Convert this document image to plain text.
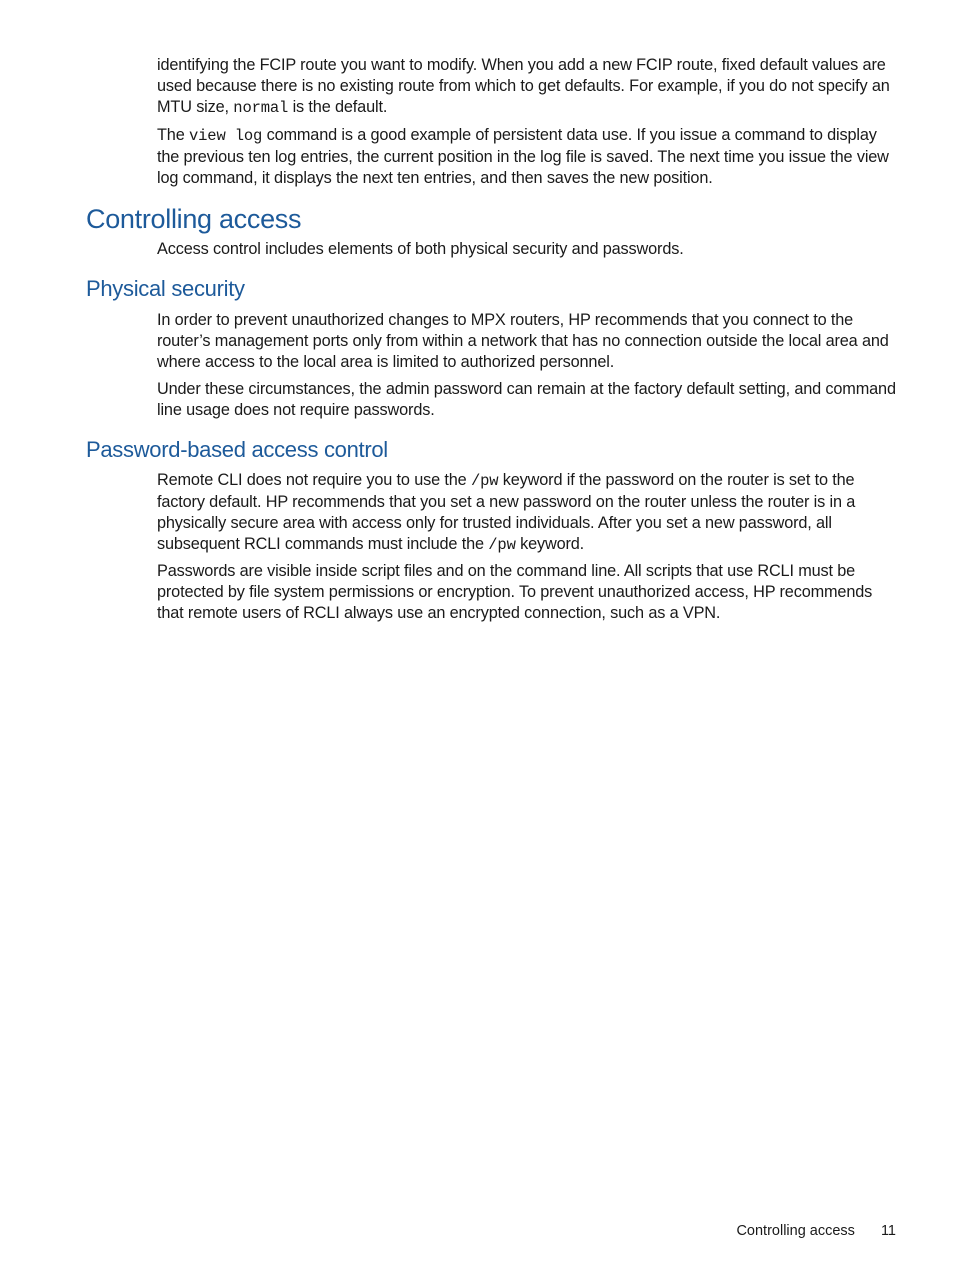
identifying the FCIP route you want to modify. When you add a new FCIP route, fixed default values are used because there is no existing route from which to get defaults. For example, if you do not specify an MTU size, normal is the default.

The view log command is a good example of persistent data use. If you issue a command to display the previous ten log entries, the current position in the log file is saved. The next time you issue the view log command, it displays the next ten entries, and then saves the new position.

Controlling access

Access control includes elements of both physical security and passwords.

Physical security

In order to prevent unauthorized changes to MPX routers, HP recommends that you connect to the router’s management ports only from within a network that has no connection outside the local area and where access to the local area is limited to authorized personnel.

Under these circumstances, the admin password can remain at the factory default setting, and command line usage does not require passwords.

Password-based access control

Remote CLI does not require you to use the /pw keyword if the password on the router is set to the factory default. HP recommends that you set a new password on the router unless the router is in a physically secure area with access only for trusted individuals. After you set a new password, all subsequent RCLI commands must include the /pw keyword.

Passwords are visible inside script files and on the command line. All scripts that use RCLI must be protected by file system permissions or encryption. To prevent unauthorized access, HP recommends that remote users of RCLI always use an encrypted connection, such as a VPN.

Controlling access 11
